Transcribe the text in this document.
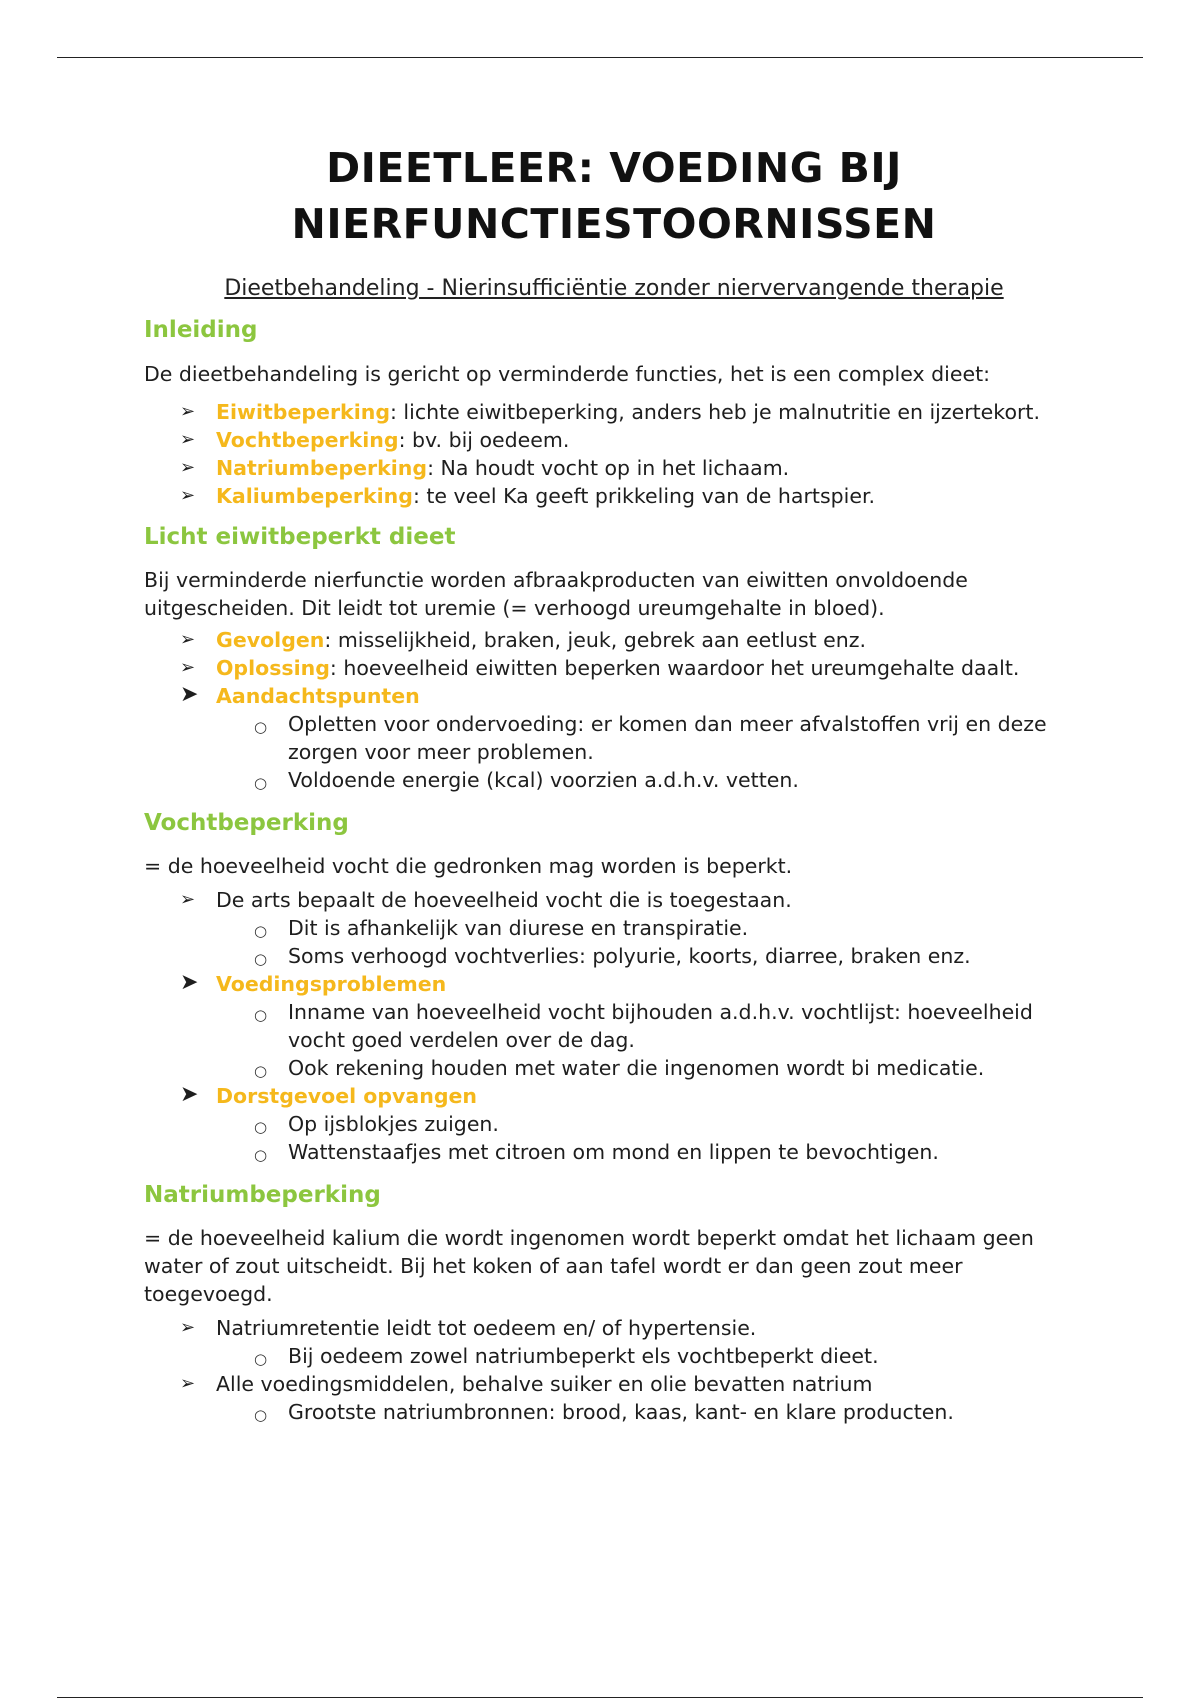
DIEETLEER: VOEDING BIJ
NIERFUNCTIESTOORNISSEN
Dieetbehandeling - Nierinsufficiëntie zonder niervervangende therapie
Inleiding

De dieetbehandeling is gericht op verminderde functies, het is een complex dieet:

➢ Eiwitbeperking: lichte eiwitbeperking, anders heb je malnutritie en ijzertekort.
➢ Vochtbeperking: bv. bij oedeem.
➢ Natriumbeperking: Na houdt vocht op in het lichaam.
➢ Kaliumbeperking: te veel Ka geeft prikkeling van de hartspier.
Licht eiwitbeperkt dieet

Bij verminderde nierfunctie worden afbraakproducten van eiwitten onvoldoende uitgescheiden. Dit leidt tot uremie (= verhoogd ureumgehalte in bloed).

➢ Gevolgen: misselijkheid, braken, jeuk, gebrek aan eetlust enz.
➢ Oplossing: hoeveelheid eiwitten beperken waardoor het ureumgehalte daalt.
➤ Aandachtspunten
○ Opletten voor ondervoeding: er komen dan meer afvalstoffen vrij en deze zorgen voor meer problemen.
○ Voldoende energie (kcal) voorzien a.d.h.v. vetten.
Vochtbeperking

= de hoeveelheid vocht die gedronken mag worden is beperkt.

➢ De arts bepaalt de hoeveelheid vocht die is toegestaan.
○ Dit is afhankelijk van diurese en transpiratie.
○ Soms verhoogd vochtverlies: polyurie, koorts, diarree, braken enz.
➤ Voedingsproblemen
○ Inname van hoeveelheid vocht bijhouden a.d.h.v. vochtlijst: hoeveelheid vocht goed verdelen over de dag.
○ Ook rekening houden met water die ingenomen wordt bi medicatie.
➤ Dorstgevoel opvangen
○ Op ijsblokjes zuigen.
○ Wattenstaafjes met citroen om mond en lippen te bevochtigen.
Natriumbeperking

= de hoeveelheid kalium die wordt ingenomen wordt beperkt omdat het lichaam geen water of zout uitscheidt. Bij het koken of aan tafel wordt er dan geen zout meer toegevoegd.

➢ Natriumretentie leidt tot oedeem en/ of hypertensie.
○ Bij oedeem zowel natriumbeperkt els vochtbeperkt dieet.
➢ Alle voedingsmiddelen, behalve suiker en olie bevatten natrium
○ Grootste natriumbronnen: brood, kaas, kant- en klare producten.
